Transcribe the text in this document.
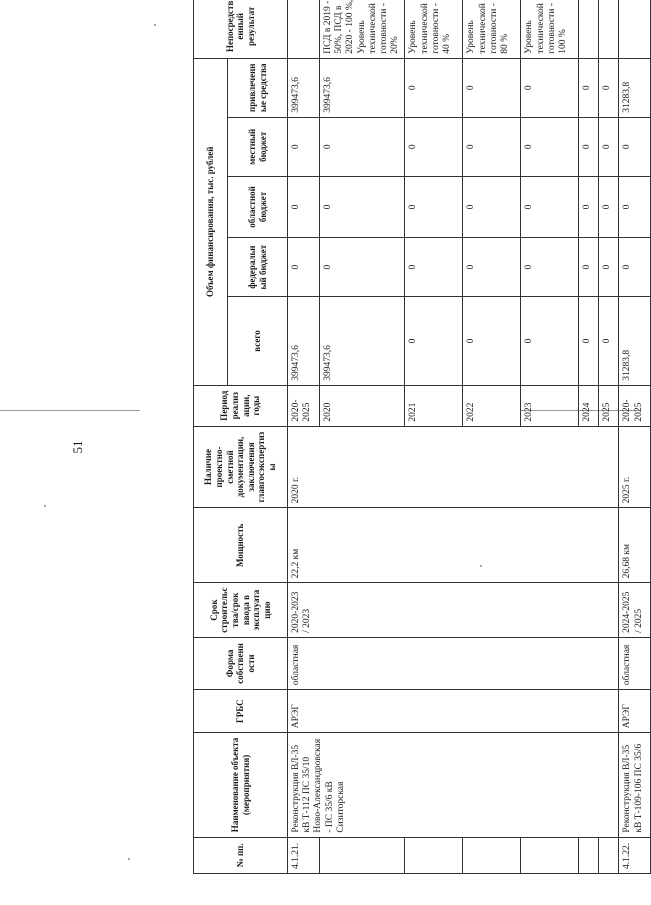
51
№ пп.	Наименование объекта (мероприятия)	ГРБС	Форма собственности	Срок строительства/срок ввода в эксплуатацию	Мощность	Наличие проектно-сметной документации, заключения главгосэкспертизы	Период реализации, годы	Объем финансирования, тыс. рублей					Непосредственный результат
								всего	федеральный бюджет	областной бюджет	местный бюджет	привлеченные средства	
4.1.21.	Реконструкция ВЛ-35 кВ Т-112 ПС 35/10 Ново-Александровская - ПС 35/6 кВ Сизиторская	АРЭГ	областная	2020-2023 / 2023	22,2 км	2020 г.	2020-2025	399473,6	0	0	0	399473,6	
							2020	399473,6	0	0	0	399473,6	ПСД в 2019 - 50%, ПСД в 2020 - 100 %, Уровень технической готовности - 20%
							2021	0	0	0	0	0	Уровень технической готовности - 40 %
							2022	0	0	0	0	0	Уровень технической готовности - 80 %
							2023	0	0	0	0	0	Уровень технической готовности - 100 %
							2024	0	0	0	0	0	
							2025	0	0	0	0	0	
4.1.22.	Реконструкция ВЛ-35 кВ Т-109-106 ПС 35/6	АРЭГ	областная	2024-2025 / 2025	26,68 км	2025 г.	2020-2025	31283,8	0	0	0	31283,8	
